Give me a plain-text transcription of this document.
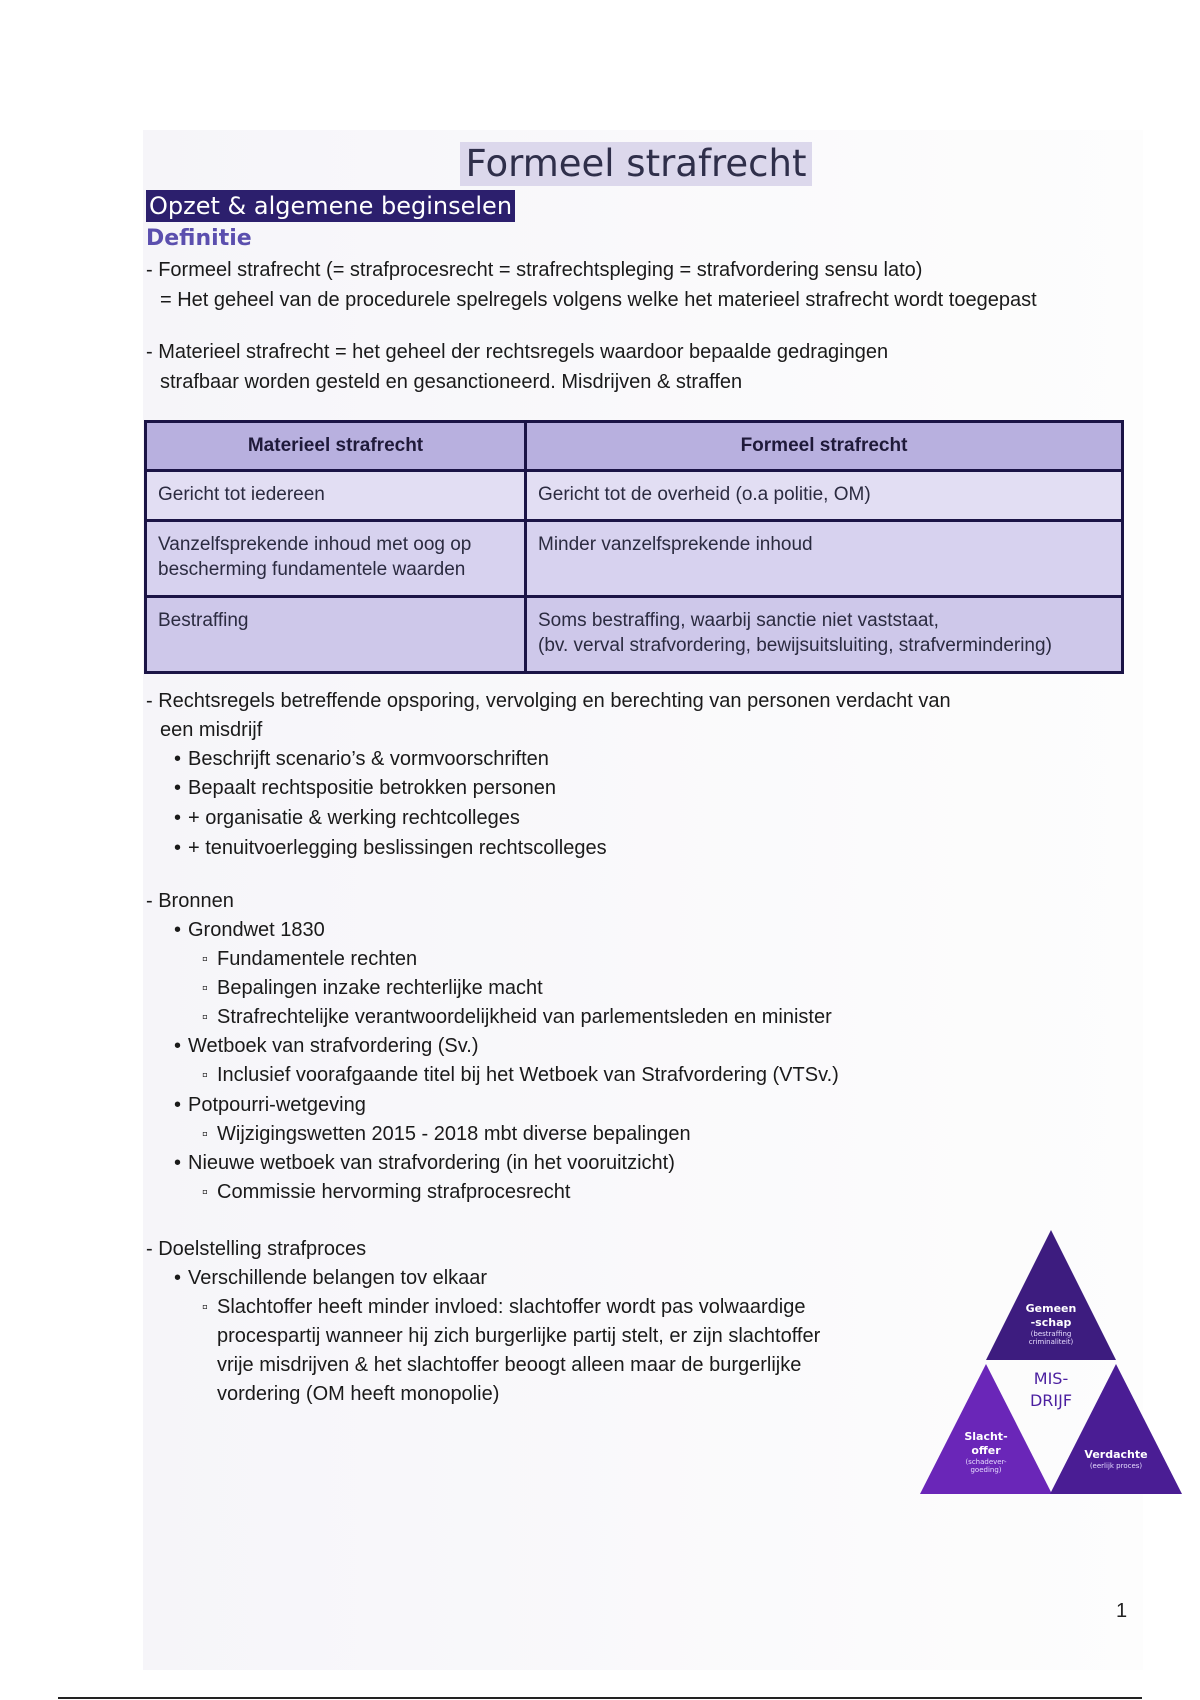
Formeel strafrecht
Opzet & algemene beginselen
Definitie
- Formeel strafrecht (= strafprocesrecht = strafrechtspleging = strafvordering sensu lato)
= Het geheel van de procedurele spelregels volgens welke het materieel strafrecht wordt toegepast
- Materieel strafrecht = het geheel der rechtsregels waardoor bepaalde gedragingen
strafbaar worden gesteld en gesanctioneerd. Misdrijven & straffen
Materieel strafrecht	Formeel strafrecht
Gericht tot iedereen	Gericht tot de overheid (o.a politie, OM)

Vanzelfsprekende inhoud met oog op
bescherming fundamentele waarden	Minder vanzelfsprekende inhoud
Bestraffing	Soms bestraffing, waarbij sanctie niet vaststaat,
(bv. verval strafvordering, bewijsuitsluiting, strafvermindering)
- Rechtsregels betreffende opsporing, vervolging en berechting van personen verdacht van
een misdrijf
• Beschrijft scenario’s & vormvoorschriften
• Bepaalt rechtspositie betrokken personen
• + organisatie & werking rechtcolleges
• + tenuitvoerlegging beslissingen rechtscolleges
- Bronnen
• Grondwet 1830
▫ Fundamentele rechten
▫ Bepalingen inzake rechterlijke macht
▫ Strafrechtelijke verantwoordelijkheid van parlementsleden en minister
• Wetboek van strafvordering (Sv.)
▫ Inclusief voorafgaande titel bij het Wetboek van Strafvordering (VTSv.)
• Potpourri-wetgeving
▫ Wijzigingswetten 2015 - 2018 mbt diverse bepalingen
• Nieuwe wetboek van strafvordering (in het vooruitzicht)
▫ Commissie hervorming strafprocesrecht
- Doelstelling strafproces
• Verschillende belangen tov elkaar
▫ Slachtoffer heeft minder invloed: slachtoffer wordt pas volwaardige
procespartij wanneer hij zich burgerlijke partij stelt, er zijn slachtoffer
vrije misdrijven & het slachtoffer beoogt alleen maar de burgerlijke
vordering (OM heeft monopolie)
Gemeen
-schap
(bestraffing criminaliteit)
MIS-
DRIJF
Slacht-
offer
(schadever-goeding)
Verdachte
(eerlijk proces)
1
